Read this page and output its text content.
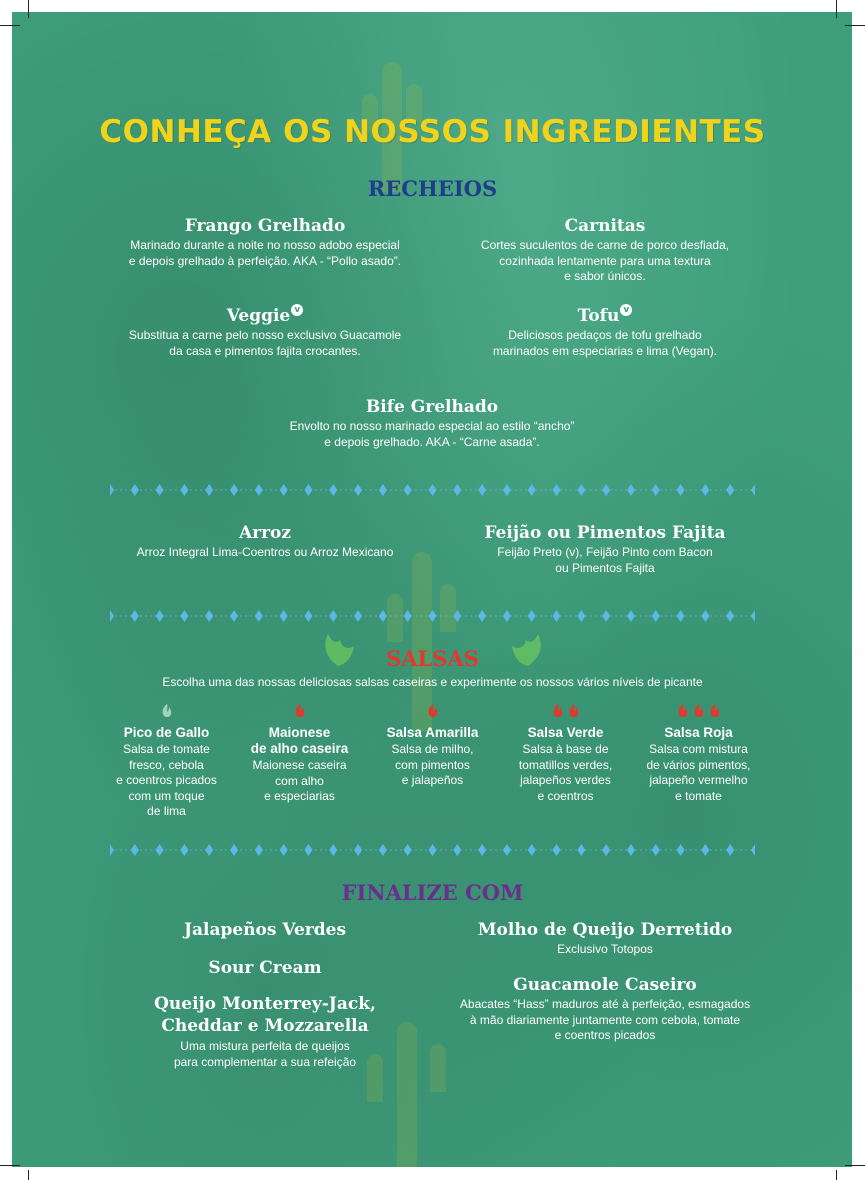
CONHEÇA OS NOSSOS INGREDIENTES
RECHEIOS
Frango Grelhado
Marinado durante a noite no nosso adobo especial
e depois grelhado à perfeição. AKA - “Pollo asado”.
Carnitas
Cortes suculentos de carne de porco desfiada,
cozinhada lentamente para uma textura
e sabor únicos.
Veggie v
Substitua a carne pelo nosso exclusivo Guacamole
da casa e pimentos fajita crocantes.
Tofu v
Deliciosos pedaços de tofu grelhado
marinados em especiarias e lima (Vegan).
Bife Grelhado
Envolto no nosso marinado especial ao estilo “ancho”
e depois grelhado. AKA - “Carne asada”.
Arroz
Arroz Integral Lima-Coentros ou Arroz Mexicano
Feijão ou Pimentos Fajita
Feijão Preto (v), Feijão Pinto com Bacon
ou Pimentos Fajita
SALSAS
Escolha uma das nossas deliciosas salsas caseiras e experimente os nossos vários níveis de picante
Pico de Gallo
Salsa de tomate
fresco, cebola
e coentros picados
com um toque
de lima
Maionese
de alho caseira
Maionese caseira
com alho
e especiarias
Salsa Amarilla
Salsa de milho,
com pimentos
e jalapeños
Salsa Verde
Salsa à base de
tomatillos verdes,
jalapeños verdes
e coentros
Salsa Roja
Salsa com mistura
de vários pimentos,
jalapeño vermelho
e tomate
FINALIZE COM
Jalapeños Verdes
Sour Cream
Queijo Monterrey-Jack,
Cheddar e Mozzarella
Uma mistura perfeita de queijos
para complementar a sua refeição
Molho de Queijo Derretido
Exclusivo Totopos
Guacamole Caseiro
Abacates “Hass” maduros até à perfeição, esmagados
à mão diariamente juntamente com cebola, tomate
e coentros picados
